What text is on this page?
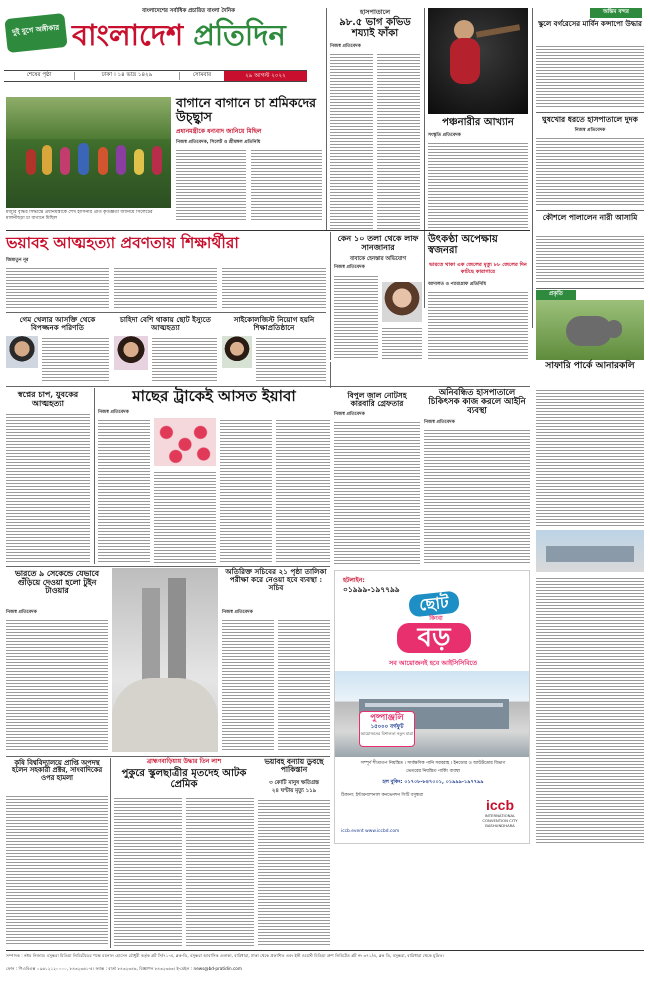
দুই যুগে অঙ্গীকার
বাংলাদেশের সর্বাধিক প্রচারিত বাংলা দৈনিক
বাংলাদেশ প্রতিদিন
শেষের পৃষ্ঠা	ঢাকা । ১৪ ভাদ্র ১৪২৯	সোমবার	২৯ আগস্ট ২০২২
বাগানে বাগানে চা শ্রমিকদের উচ্ছ্বাস
প্রধানমন্ত্রীকে ধন্যবাদ জানিয়ে মিছিল
মজুরি বৃদ্ধির সিদ্ধান্তে প্রধানমন্ত্রীকে শেখ হাসিনার প্রতি কৃতজ্ঞতা জানিয়ে সিলেটের মালনীছড়া চা বাগানে মিছিল
নিজস্ব প্রতিবেদক, সিলেট ও শ্রীমঙ্গল প্রতিনিধি
হাসপাতালে
৯৮.৫ ভাগ কভিড শয্যাই ফাঁকা
নিজস্ব প্রতিবেদক
পঞ্চনারীর আখ্যান
সংস্কৃতি প্রতিবেদক
অন্তিম বন্দর
স্কুলে বর্গরেসের মার্বিন কন্সাপো উদ্ধার
ঘুষখোর ধরতে হাসপাতালে দুদক
নিজস্ব প্রতিবেদক
কৌশলে পালালেন নারী আসামি
প্রকৃতি
সাফারি পার্কে আনারকলি
ভয়াবহ আত্মহত্যা প্রবণতায় শিক্ষার্থীরা
জিন্নাতুন নূর
কেন ১০ তলা থেকে লাফ সানজানার
বাবাকে হেনস্তার অভিযোগ
নিজস্ব প্রতিবেদক
উৎকণ্ঠা অপেক্ষায় স্বজনরা
ভারতে থাকা এক জেলের মৃত্যু ৮৮ জেলের দিন কাটছে কারাগারে
আদালত ও প্যারাগ্রাফ প্রতিনিধি
গেম খেলার আসক্তি থেকে বিপজ্জনক পরিণতি
চাহিদা বেশি থাকায় ছোট ইস্যুতে আত্মহত্যা
সাইকোলজিস্ট নিয়োগ হয়নি শিক্ষাপ্রতিষ্ঠানে
স্বপ্নের চাপ, যুবকের আত্মহত্যা	মাছের ট্রাকেই আসত ইয়াবা
নিজস্ব প্রতিবেদক
বিপুল জাল নোটসহ কারবারি গ্রেফতার
নিজস্ব প্রতিবেদক
অনিবন্ধিত হাসপাতালে চিকিৎসক কাজ করলে আইনি ব্যবস্থা
নিজস্ব প্রতিবেদক
ভারতে ৯ সেকেন্ডে যেভাবে গুঁড়িয়ে দেওয়া হলো টুইন টাওয়ার
নিজস্ব প্রতিবেদক
অতিরিক্ত সচিবের ২১ পৃষ্ঠা তালিকা পরীক্ষা করে নেওয়া হবে ব্যবস্থা : সচিব
নিজস্ব প্রতিবেদক
হটলাইন:
০১৯৯৯-১৯৭৭৯৯
ছোট
কিংবা
বড়
সব আয়োজনই হবে আইসিসিবিতে
পুষ্পাঞ্জলি
১৫০০০ বর্গফুট
আয়োজনের বিশালতা নতুন মাত্রা
সম্পূর্ণ শীতাতপ নিয়ন্ত্রিত । সার্বক্ষণিক পানি সরবরাহ । ইনডোর ও আউটডোর বিভাগ
ভেতরের নিয়ন্ত্রিত পার্কিং ব্যবস্থা
হল বুকিং: ০১৭০৮-৮৪৭০০১, ০১৯৯৯-১৯৭৭৯৯
ঠিকানা: ইন্টারন্যাশনাল কনভেনশন সিটি বসুন্ধরা
iccb
INTERNATIONAL
CONVENTION CITY
BASHUNDHARA
iccb.event www.iccbd.com
কৃষি বিশ্ববিদ্যালয়ে প্রাপ্তি অপদস্থ হলেন সহকারী প্রক্টর, সাংবাদিকের ওপর হামলা
ব্রাহ্মণবাড়িয়ায় উদ্ধার তিন লাশ
পুকুরে স্কুলছাত্রীর মৃতদেহ আটক প্রেমিক
ভয়াবহ বন্যায় ডুবছে পাকিস্তান
৩ কোটি মানুষ ক্ষতিগ্রস্ত
২৪ ঘণ্টায় মৃত্যু ১১৯
সম্পাদক : নঈম নিজাম। বসুন্ধরা মিডিয়া লিমিটেডের পক্ষে ময়নাল হোসেন চৌধুরী কর্তৃক প্লট সি/৭১-এ, ব্লক-ডি, বসুন্ধরা আবাসিক এলাকা, বারিধারা, ঢাকা থেকে প্রকাশিত এবং ইস্ট ওয়েস্ট মিডিয়া গ্রুপ লিমিটেড প্লট নং ৩৭১/এ, ব্লক ডি, বসুন্ধরা, বারিধারা থেকে মুদ্রিত।
ফোন : পিএবিএক্স ০৯৬১২১২০০০০, ৮৪৩২৩৬১-৫। ফ্যাক্স : বার্তা ৮৪৩২৩৪৬, বিজ্ঞাপন ৮৪৩২৩৬৩। ই-মেইল : news@bd-pratidin.com
